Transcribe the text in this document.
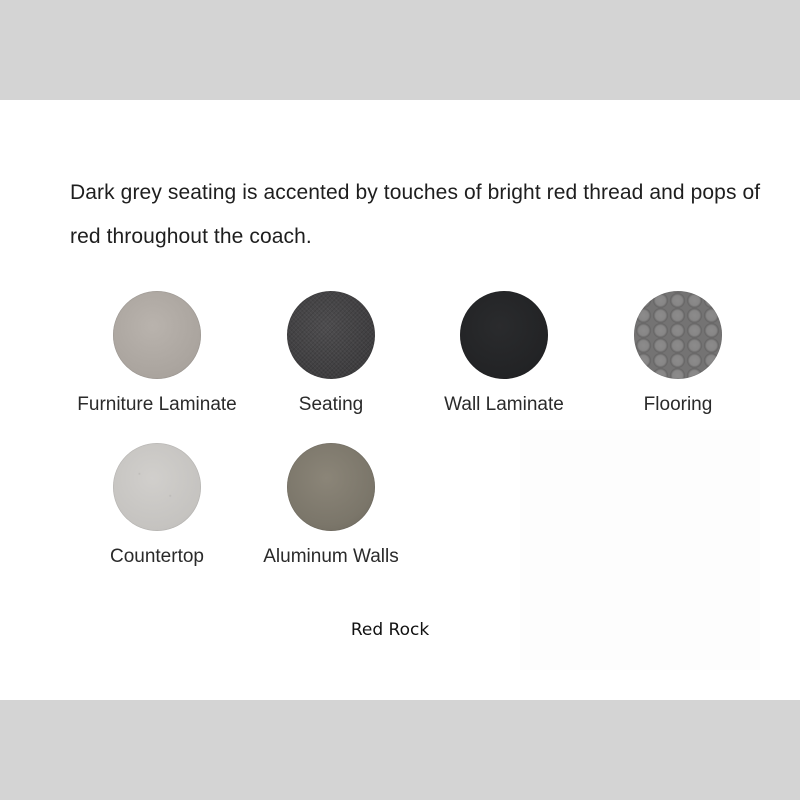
Dark grey seating is accented by touches of bright red thread and pops of red throughout the coach.

Furniture Laminate	Seating	Wall Laminate	Flooring
Countertop	Aluminum Walls
Red Rock
